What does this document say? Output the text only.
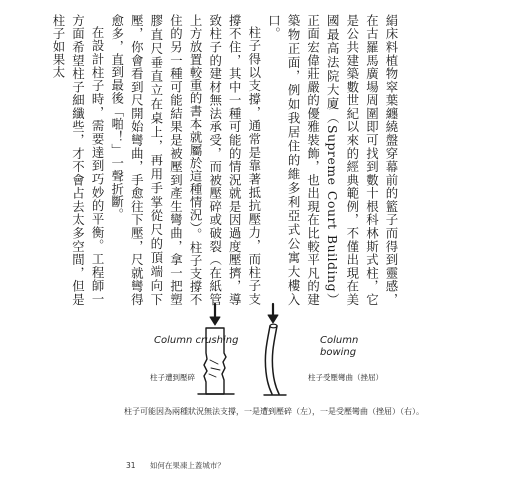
絹床料植物窣葉纏繞盤穿幕前的籃子而得到靈感，在古羅馬廣場周圍即可找到數十根科林斯式柱，它是公共建築數世紀以來的經典範例，不僅出現在美國最高法院大廈（Supreme Court Building）正面宏偉莊嚴的優雅裝飾，也出現在比較平凡的建築物正面，例如我居住的維多利亞式公寓大樓入口。

柱子得以支撐，通常是靠著抵抗壓力，而柱子支撐不住，其中一種可能的情況就是因過度壓擠，導致柱子的建材無法承受，而被壓碎或破裂（在紙管上方放置較重的書本就屬於這種情況）。柱子支撐不住的另一種可能結果是被壓到產生彎曲，拿一把塑膠直尺垂直立在桌上，再用手掌從尺的頂端向下壓，你會看到尺開始彎曲，手愈往下壓，尺就彎得愈多，直到最後「啪！」一聲折斷。

在設計柱子時，需要達到巧妙的平衡。工程師一方面希望柱子細纖些，才不會占去太多空間，但是柱子如果太

Column crushing
柱子遭到壓碎
Column bowing
柱子受壓彎曲（挫屈）
柱子可能因為兩種狀況無法支撐，一是遭到壓碎（左），一是受壓彎曲（挫屈）（右）。
31 如何在果凍上蓋城市？
